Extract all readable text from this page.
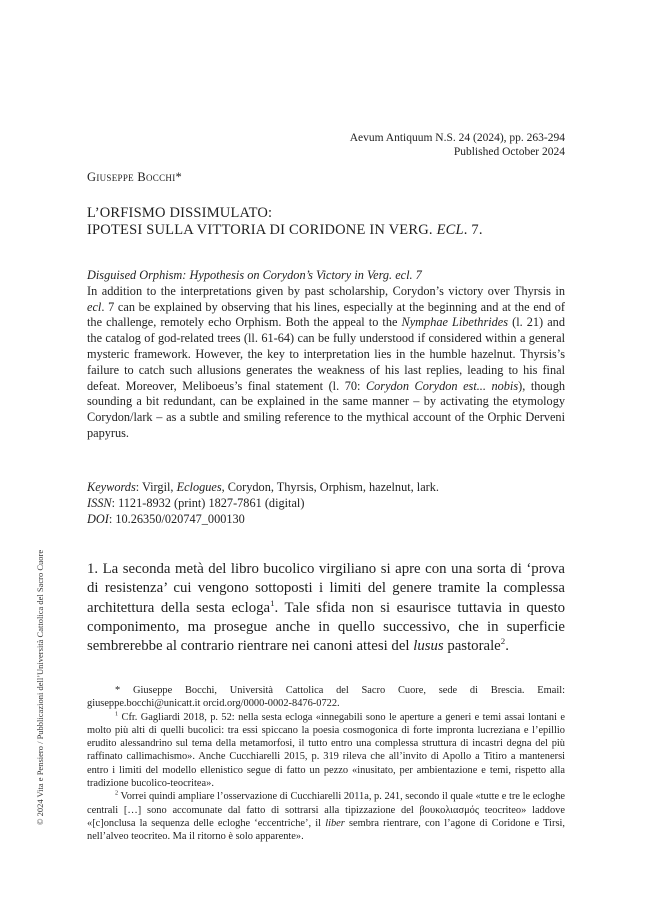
Aevum Antiquum N.S. 24 (2024), pp. 263-294
Published October 2024
Giuseppe Bocchi*
L’ORFISMO DISSIMULATO:
IPOTESI SULLA VITTORIA DI CORIDONE IN VERG. ECL. 7.

Disguised Orphism: Hypothesis on Corydon’s Victory in Verg. ecl. 7

In addition to the interpretations given by past scholarship, Corydon’s victory over Thyrsis in ecl. 7 can be explained by observing that his lines, especially at the beginning and at the end of the challenge, remotely echo Orphism. Both the appeal to the Nymphae Libethrides (l. 21) and the catalog of god-related trees (ll. 61-64) can be fully understood if considered within a general mysteric framework. However, the key to interpretation lies in the humble hazelnut. Thyrsis’s failure to catch such allusions generates the weakness of his last replies, leading to his final defeat. Moreover, Meliboeus’s final statement (l. 70: Corydon Corydon est... nobis), though sounding a bit redundant, can be explained in the same manner – by activating the etymology Corydon/lark – as a subtle and smiling reference to the mythical account of the Orphic Derveni papyrus.

Keywords: Virgil, Eclogues, Corydon, Thyrsis, Orphism, hazelnut, lark.
ISSN: 1121-8932 (print) 1827-7861 (digital)
DOI: 10.26350/020747_000130
1. La seconda metà del libro bucolico virgiliano si apre con una sorta di ‘prova di resistenza’ cui vengono sottoposti i limiti del genere tramite la complessa architettura della sesta ecloga$^1$. Tale sfida non si esaurisce tuttavia in questo componimento, ma prosegue anche in quello successivo, che in superficie sembrerebbe al contrario rientrare nei canoni attesi del lusus pastorale$^2$.

* Giuseppe Bocchi, Università Cattolica del Sacro Cuore, sede di Brescia. Email: giuseppe.bocchi@unicatt.it orcid.org/0000-0002-8476-0722.

$^1$ Cfr. Gagliardi 2018, p. 52: nella sesta ecloga «innegabili sono le aperture a generi e temi assai lontani e molto più alti di quelli bucolici: tra essi spiccano la poesia cosmogonica di forte impronta lucreziana e l’epillio erudito alessandrino sul tema della metamorfosi, il tutto entro una complessa struttura di incastri degna del più raffinato callimachismo». Anche Cucchiarelli 2015, p. 319 rileva che all’invito di Apollo a Titiro a mantenersi entro i limiti del modello ellenistico segue di fatto un pezzo «inusitato, per ambientazione e temi, rispetto alla tradizione bucolico-teocritea».

$^2$ Vorrei quindi ampliare l’osservazione di Cucchiarelli 2011a, p. 241, secondo il quale «tutte e tre le ecloghe centrali […] sono accomunate dal fatto di sottrarsi alla tipizzazione del βουκολιασμός teocriteo» laddove «[c]onclusa la sequenza delle ecloghe ‘eccentriche’, il liber sembra rientrare, con l’agone di Coridone e Tirsi, nell’alveo teocriteo. Ma il ritorno è solo apparente».

© 2024 Vita e Pensiero / Pubblicazioni dell’Università Cattolica del Sacro Cuore
